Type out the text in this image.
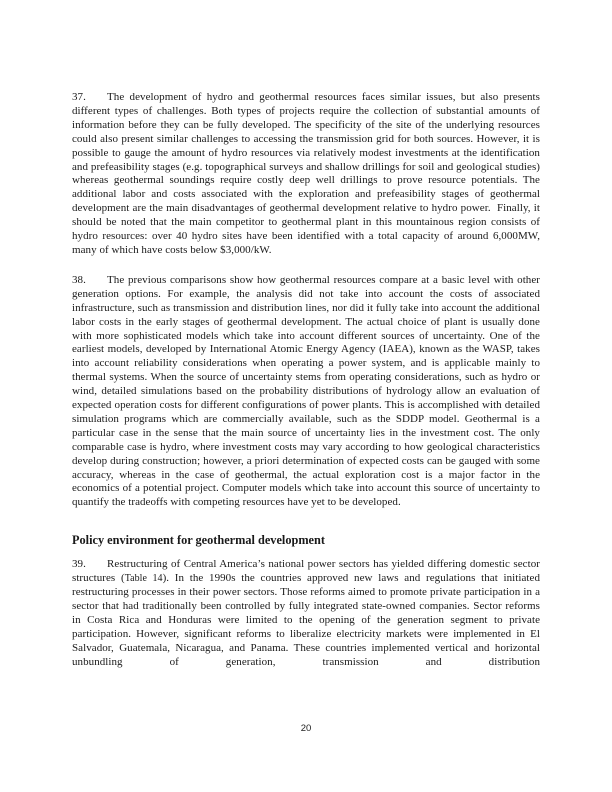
37. The development of hydro and geothermal resources faces similar issues, but also presents different types of challenges. Both types of projects require the collection of substantial amounts of information before they can be fully developed. The specificity of the site of the underlying resources could also present similar challenges to accessing the transmission grid for both sources. However, it is possible to gauge the amount of hydro resources via relatively modest investments at the identification and prefeasibility stages (e.g. topographical surveys and shallow drillings for soil and geological studies) whereas geothermal soundings require costly deep well drillings to prove resource potentials. The additional labor and costs associated with the exploration and prefeasibility stages of geothermal development are the main disadvantages of geothermal development relative to hydro power.  Finally, it should be noted that the main competitor to geothermal plant in this mountainous region consists of hydro resources: over 40 hydro sites have been identified with a total capacity of around 6,000MW, many of which have costs below $3,000/kW.

38. The previous comparisons show how geothermal resources compare at a basic level with other generation options. For example, the analysis did not take into account the costs of associated infrastructure, such as transmission and distribution lines, nor did it fully take into account the additional labor costs in the early stages of geothermal development. The actual choice of plant is usually done with more sophisticated models which take into account different sources of uncertainty. One of the earliest models, developed by International Atomic Energy Agency (IAEA), known as the WASP, takes into account reliability considerations when operating a power system, and is applicable mainly to thermal systems. When the source of uncertainty stems from operating considerations, such as hydro or wind, detailed simulations based on the probability distributions of hydrology allow an evaluation of expected operation costs for different configurations of power plants. This is accomplished with detailed simulation programs which are commercially available, such as the SDDP model. Geothermal is a particular case in the sense that the main source of uncertainty lies in the investment cost. The only comparable case is hydro, where investment costs may vary according to how geological characteristics develop during construction; however, a priori determination of expected costs can be gauged with some accuracy, whereas in the case of geothermal, the actual exploration cost is a major factor in the economics of a potential project. Computer models which take into account this source of uncertainty to quantify the tradeoffs with competing resources have yet to be developed.

Policy environment for geothermal development

39. Restructuring of Central America’s national power sectors has yielded differing domestic sector structures (Table 14). In the 1990s the countries approved new laws and regulations that initiated restructuring processes in their power sectors. Those reforms aimed to promote private participation in a sector that had traditionally been controlled by fully integrated state-owned companies. Sector reforms in Costa Rica and Honduras were limited to the opening of the generation segment to private participation. However, significant reforms to liberalize electricity markets were implemented in El Salvador, Guatemala, Nicaragua, and Panama. These countries implemented vertical and horizontal unbundling of generation, transmission and distribution

20
